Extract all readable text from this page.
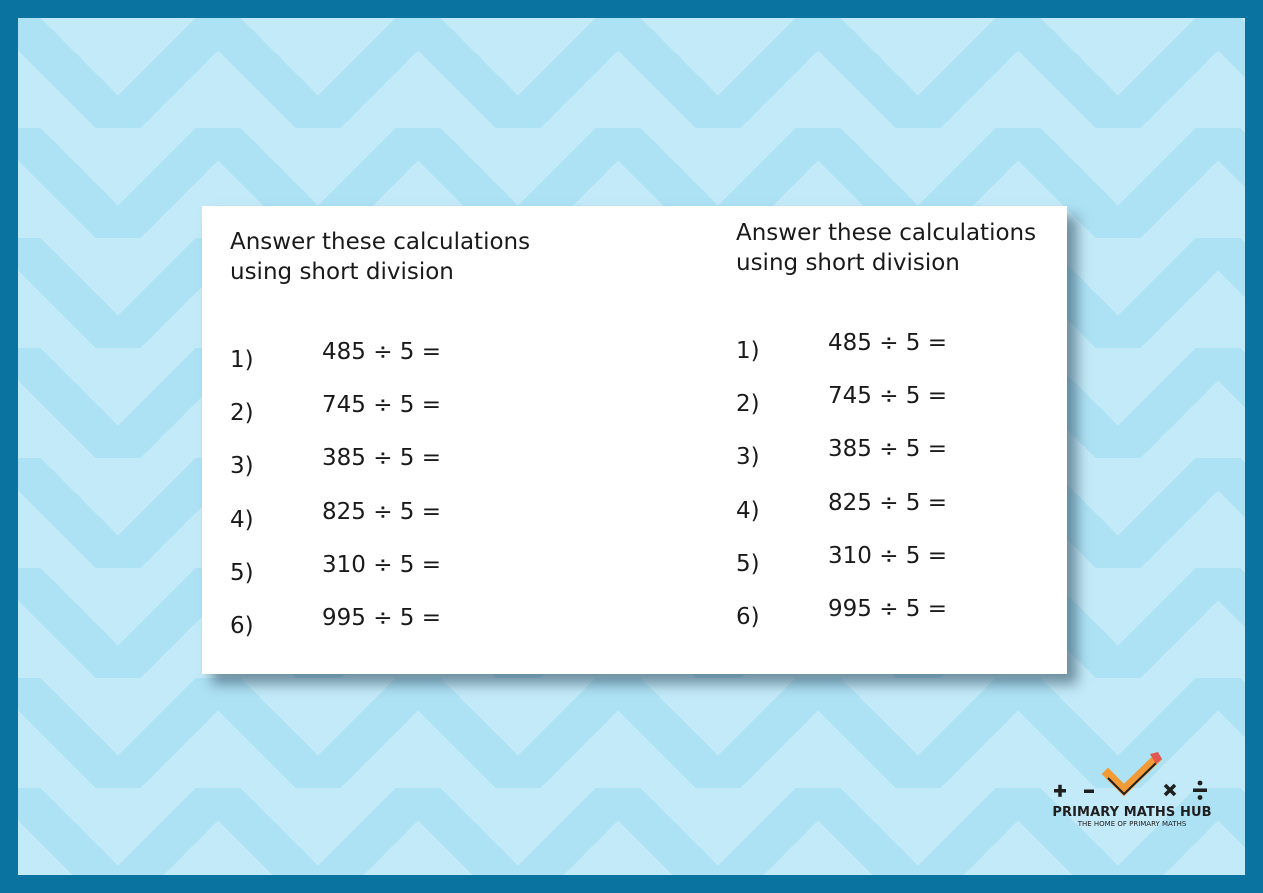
Answer these calculations using short division

1)	485 ÷ 5 =
2)	745 ÷ 5 =
3)	385 ÷ 5 =
4)	825 ÷ 5 =
5)	310 ÷ 5 =
6)	995 ÷ 5 =

Answer these calculations using short division

1)	485 ÷ 5 =
2)	745 ÷ 5 =
3)	385 ÷ 5 =
4)	825 ÷ 5 =
5)	310 ÷ 5 =
6)	995 ÷ 5 =
PRIMARY MATHS HUB
THE HOME OF PRIMARY MATHS
